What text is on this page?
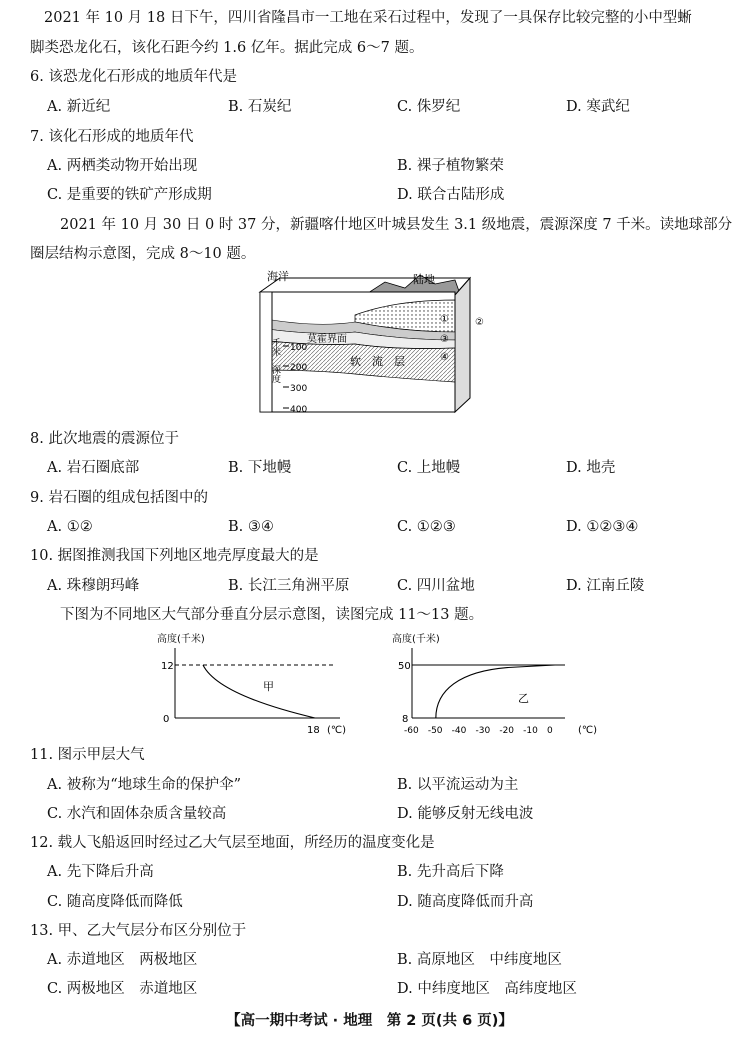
2021 年 10 月 18 日下午，四川省隆昌市一工地在采石过程中，发现了一具保存比较完整的小中型蜥
脚类恐龙化石，该化石距今约 1.6 亿年。据此完成 6～7 题。
6. 该恐龙化石形成的地质年代是
A. 新近纪	B. 石炭纪	C. 侏罗纪	D. 寒武纪
7. 该化石形成的地质年代
A. 两栖类动物开始出现	B. 裸子植物繁荣
C. 是重要的铁矿产形成期	D. 联合古陆形成
2021 年 10 月 30 日 0 时 37 分，新疆喀什地区叶城县发生 3.1 级地震，震源深度 7 千米。读地球部分
圈层结构示意图，完成 8～10 题。
海洋	陆地
莫霍界面
软　流　层
100
200
300
400
千米
深度
①	②
③
④
8. 此次地震的震源位于
A. 岩石圈底部	B. 下地幔	C. 上地幔	D. 地壳
9. 岩石圈的组成包括图中的
A. ①②	B. ③④	C. ①②③	D. ①②③④
10. 据图推测我国下列地区地壳厚度最大的是
A. 珠穆朗玛峰	B. 长江三角洲平原	C. 四川盆地	D. 江南丘陵
下图为不同地区大气部分垂直分层示意图，读图完成 11～13 题。
高度(千米)
12
0
18 (℃)
甲
高度(千米)
50
8
-60 -50 -40 -30 -20 -10 0	(℃)
乙
11. 图示甲层大气
A. 被称为“地球生命的保护伞”	B. 以平流运动为主
C. 水汽和固体杂质含量较高	D. 能够反射无线电波
12. 载人飞船返回时经过乙大气层至地面，所经历的温度变化是
A. 先下降后升高	B. 先升高后下降
C. 随高度降低而降低	D. 随高度降低而升高
13. 甲、乙大气层分布区分别位于
A. 赤道地区　两极地区	B. 高原地区　中纬度地区
C. 两极地区　赤道地区	D. 中纬度地区　高纬度地区
【高一期中考试 · 地理　第 2 页(共 6 页)】
